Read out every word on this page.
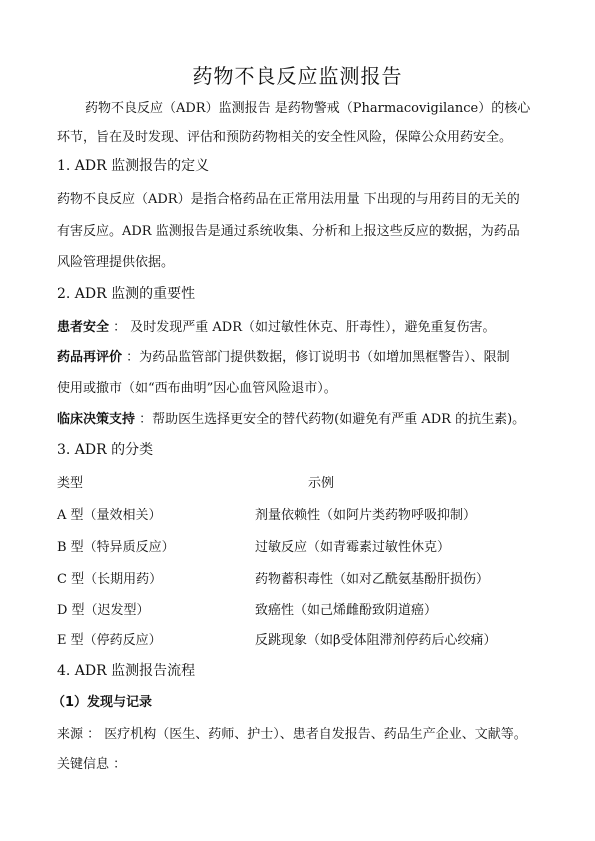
药物不良反应监测报告
药物不良反应（ADR）监测报告 是药物警戒（Pharmacovigilance）的核心
环节，旨在及时发现、评估和预防药物相关的安全性风险，保障公众用药安全。
1. ADR 监测报告的定义
药物不良反应（ADR）是指合格药品在正常用法用量 下出现的与用药目的无关的
有害反应。ADR 监测报告是通过系统收集、分析和上报这些反应的数据，为药品
风险管理提供依据。
2. ADR 监测的重要性
患者安全 ： 及时发现严重 ADR（如过敏性休克、肝毒性），避免重复伤害。
药品再评价 ：为药品监管部门提供数据，修订说明书（如增加黑框警告）、限制
使用或撤市（如“西布曲明”因心血管风险退市）。
临床决策支持 ：帮助医生选择更安全的替代药物(如避免有严重 ADR 的抗生素)。
3. ADR 的分类
类型	示例
A 型（量效相关）	剂量依赖性（如阿片类药物呼吸抑制）
B 型（特异质反应）	过敏反应（如青霉素过敏性休克）
C 型（长期用药）	药物蓄积毒性（如对乙酰氨基酚肝损伤）
D 型（迟发型）	致癌性（如己烯雌酚致阴道癌）
E 型（停药反应）	反跳现象（如β受体阻滞剂停药后心绞痛）
4. ADR 监测报告流程
（1）发现与记录
来源 ： 医疗机构（医生、药师、护士）、患者自发报告、药品生产企业、文献等。
关键信息 ：
